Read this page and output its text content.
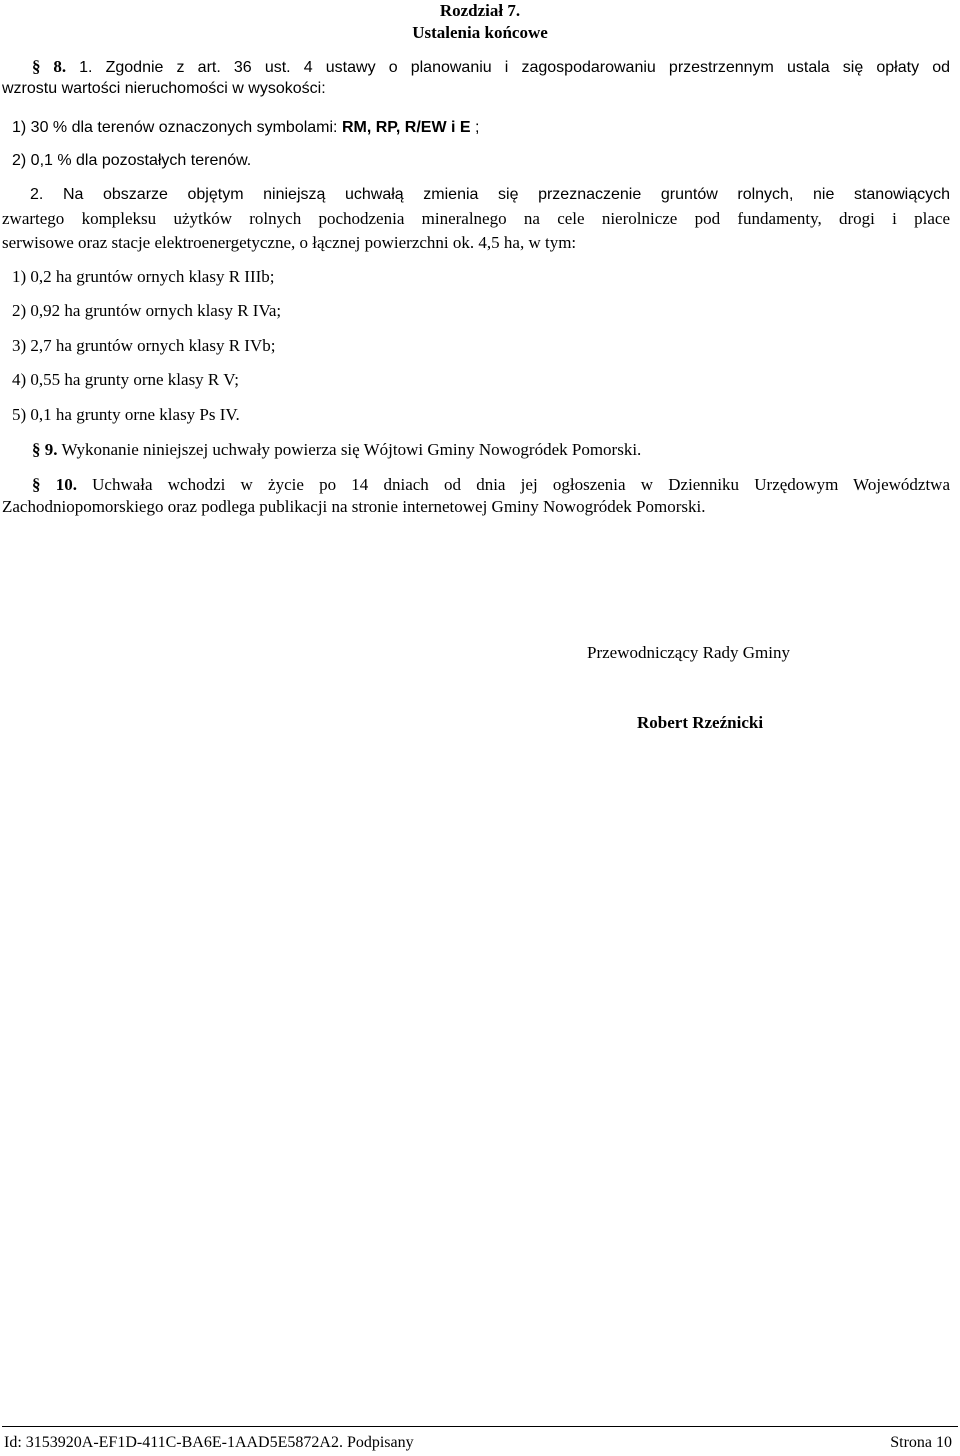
Rozdział 7.
Ustalenia końcowe
§ 8. 1. Zgodnie z art. 36 ust. 4 ustawy o planowaniu i zagospodarowaniu przestrzennym ustala się opłaty od
wzrostu wartości nieruchomości w wysokości:
1) 30 % dla terenów oznaczonych symbolami: RM, RP, R/EW i E ;
2) 0,1 % dla pozostałych terenów.
2. Na obszarze objętym niniejszą uchwałą zmienia się przeznaczenie gruntów rolnych, nie stanowiących
zwartego kompleksu użytków rolnych pochodzenia mineralnego na cele nierolnicze pod fundamenty, drogi i place
serwisowe oraz stacje elektroenergetyczne, o łącznej powierzchni ok. 4,5 ha, w tym:
1) 0,2 ha gruntów ornych klasy R IIIb;
2) 0,92 ha gruntów ornych klasy R IVa;
3) 2,7 ha gruntów ornych klasy R IVb;
4) 0,55 ha grunty orne klasy R V;
5) 0,1 ha grunty orne klasy Ps IV.
§ 9. Wykonanie niniejszej uchwały powierza się Wójtowi Gminy Nowogródek Pomorski.
§ 10. Uchwała wchodzi w życie po 14 dniach od dnia jej ogłoszenia w Dzienniku Urzędowym Województwa
Zachodniopomorskiego oraz podlega publikacji na stronie internetowej Gminy Nowogródek Pomorski.
Przewodniczący Rady Gminy
Robert Rzeźnicki
Id: 3153920A-EF1D-411C-BA6E-1AAD5E5872A2. Podpisany	Strona 10
